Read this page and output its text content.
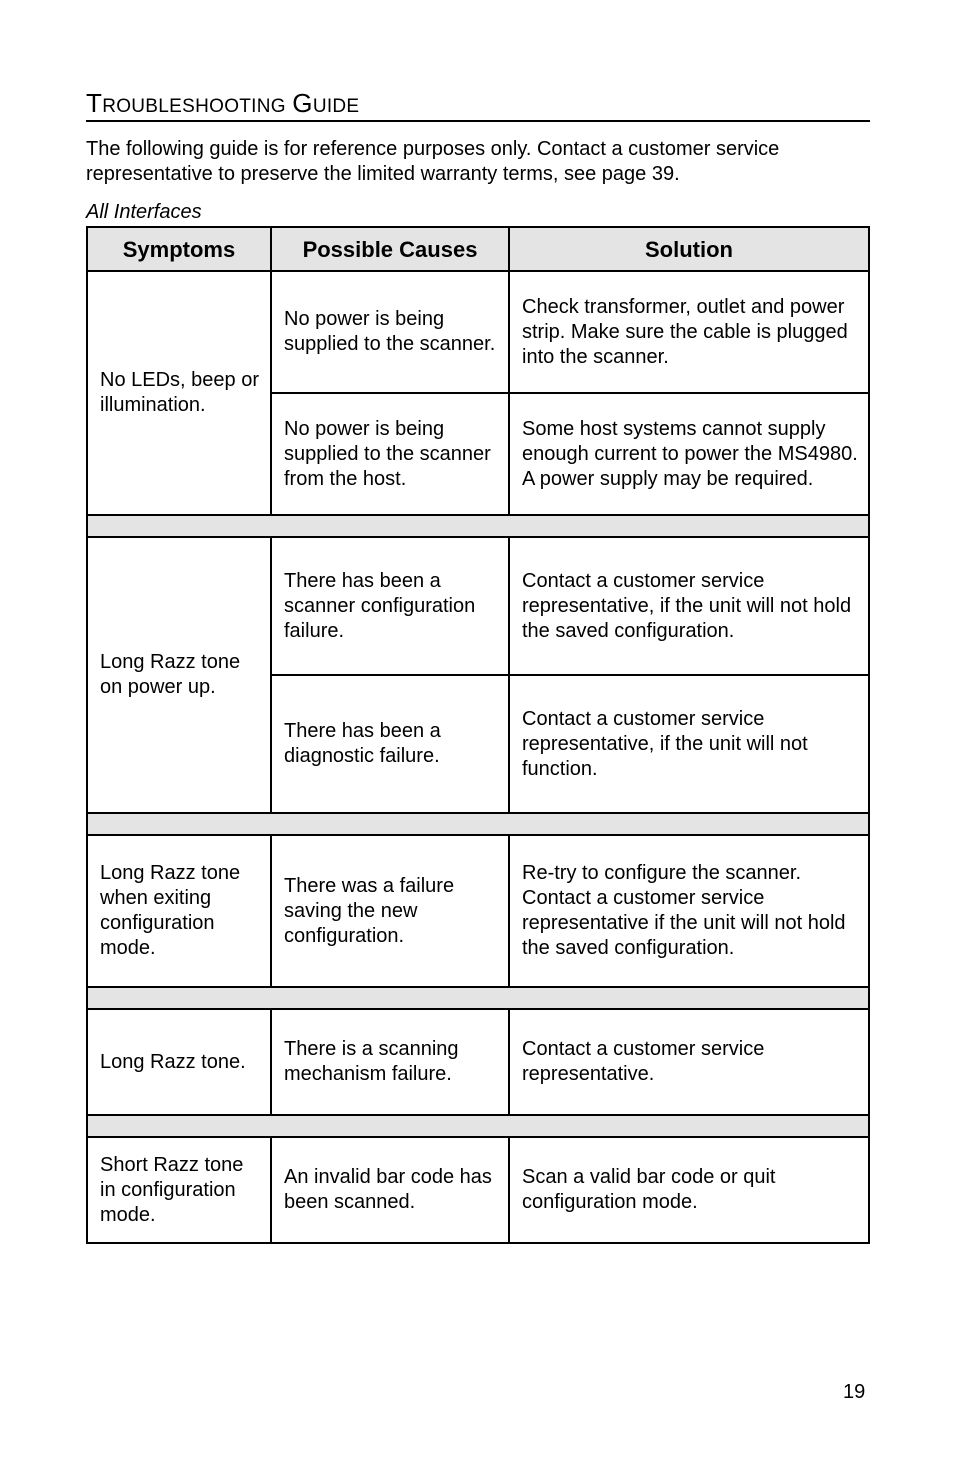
TROUBLESHOOTING GUIDE
The following guide is for reference purposes only. Contact a customer service representative to preserve the limited warranty terms, see page 39.
All Interfaces
Symptoms	Possible Causes	Solution
No LEDs, beep or illumination.	No power is being supplied to the scanner.	Check transformer, outlet and power strip. Make sure the cable is plugged into the scanner.
	No power is being supplied to the scanner from the host.	Some host systems cannot supply enough current to power the MS4980. A power supply may be required.

Long Razz tone on power up.	There has been a scanner configuration failure.	Contact a customer service representative, if the unit will not hold the saved configuration.
	There has been a diagnostic failure.	Contact a customer service representative, if the unit will not function.

Long Razz tone when exiting configuration mode.	There was a failure saving the new configuration.	Re-try to configure the scanner. Contact a customer service representative if the unit will not hold the saved configuration.

Long Razz tone.	There is a scanning mechanism failure.	Contact a customer service representative.

Short Razz tone in configuration mode.	An invalid bar code has been scanned.	Scan a valid bar code or quit configuration mode.
19
